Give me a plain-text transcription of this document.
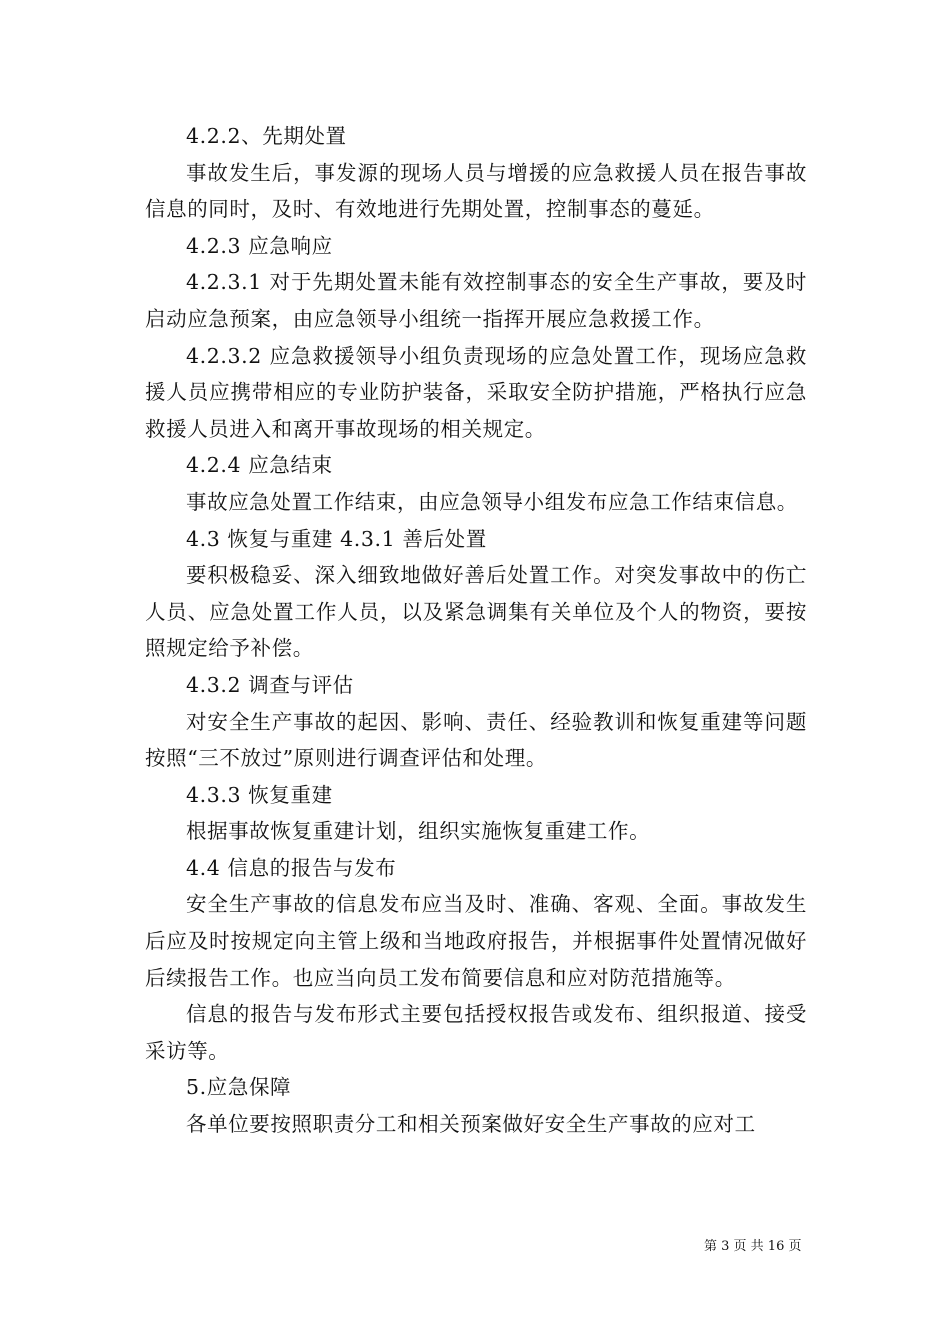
4.2.2、先期处置

事故发生后，事发源的现场人员与增援的应急救援人员在报告事故信息的同时，及时、有效地进行先期处置，控制事态的蔓延。

4.2.3 应急响应

4.2.3.1 对于先期处置未能有效控制事态的安全生产事故，要及时启动应急预案，由应急领导小组统一指挥开展应急救援工作。

4.2.3.2 应急救援领导小组负责现场的应急处置工作，现场应急救援人员应携带相应的专业防护装备，采取安全防护措施，严格执行应急救援人员进入和离开事故现场的相关规定。

4.2.4 应急结束

事故应急处置工作结束，由应急领导小组发布应急工作结束信息。

4.3 恢复与重建 4.3.1 善后处置

要积极稳妥、深入细致地做好善后处置工作。对突发事故中的伤亡人员、应急处置工作人员，以及紧急调集有关单位及个人的物资，要按照规定给予补偿。

4.3.2 调查与评估

对安全生产事故的起因、影响、责任、经验教训和恢复重建等问题按照“三不放过”原则进行调查评估和处理。

4.3.3 恢复重建

根据事故恢复重建计划，组织实施恢复重建工作。

4.4 信息的报告与发布

安全生产事故的信息发布应当及时、准确、客观、全面。事故发生后应及时按规定向主管上级和当地政府报告，并根据事件处置情况做好后续报告工作。也应当向员工发布简要信息和应对防范措施等。

信息的报告与发布形式主要包括授权报告或发布、组织报道、接受采访等。

5.应急保障

各单位要按照职责分工和相关预案做好安全生产事故的应对工

第 3 页 共 16 页
